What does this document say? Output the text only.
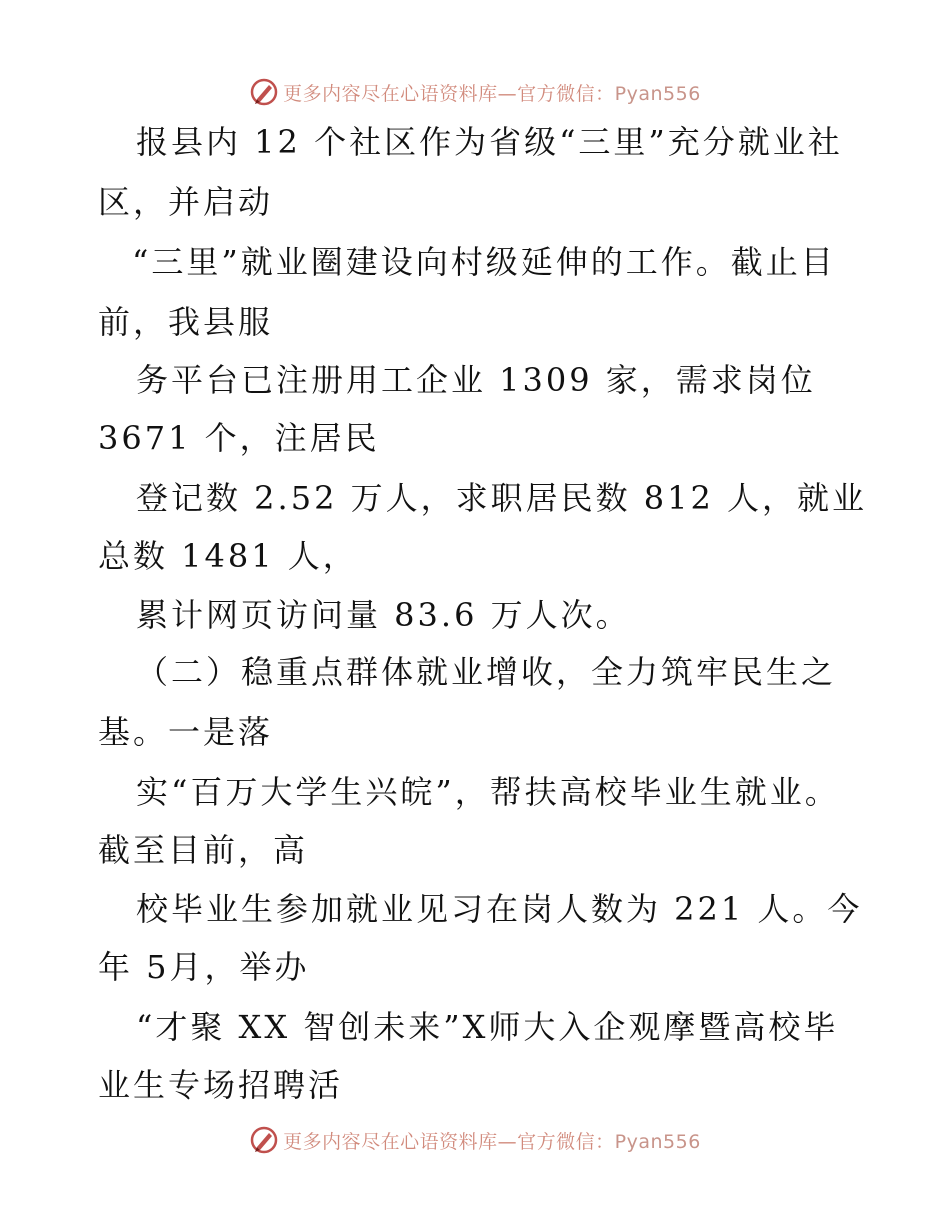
更多内容尽在心语资料库—官方微信：Pyan556
报县内 12 个社区作为省级“三里”充分就业社
区，并启动
“三里”就业圈建设向村级延伸的工作。截止目
前，我县服
务平台已注册用工企业 1309 家，需求岗位
3671 个，注居民
登记数 2.52 万人，求职居民数 812 人，就业
总数 1481 人，
累计网页访问量 83.6 万人次。
（二）稳重点群体就业增收，全力筑牢民生之
基。一是落
实“百万大学生兴皖”，帮扶高校毕业生就业。
截至目前，高
校毕业生参加就业见习在岗人数为 221 人。今
年 5月，举办
“才聚 XX 智创未来”X师大入企观摩暨高校毕
业生专场招聘活
更多内容尽在心语资料库—官方微信：Pyan556
